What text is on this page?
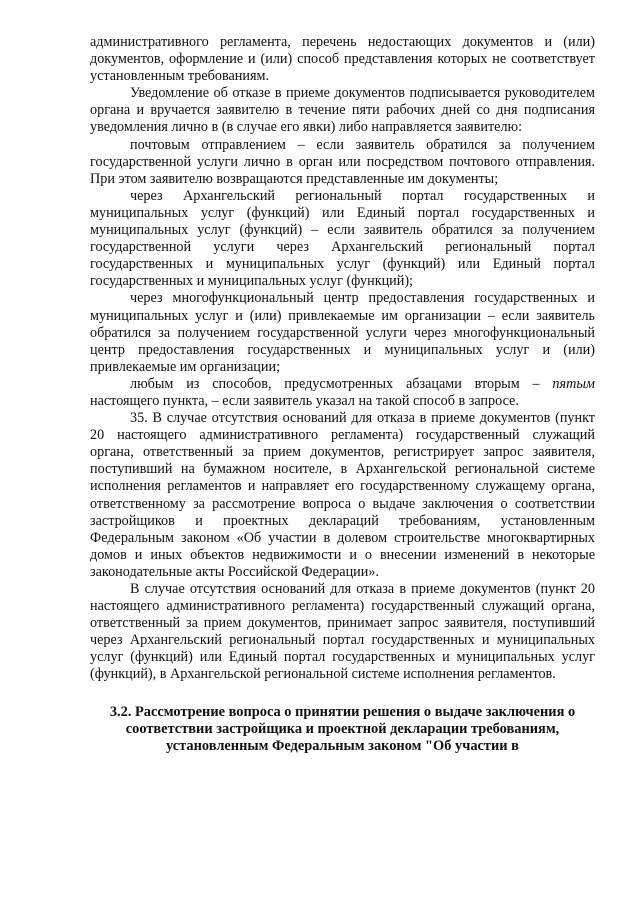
административного регламента, перечень недостающих документов и (или) документов, оформление и (или) способ представления которых не соответствует установленным требованиям.

Уведомление об отказе в приеме документов подписывается руководителем органа и вручается заявителю в течение пяти рабочих дней со дня подписания уведомления лично в (в случае его явки) либо направляется заявителю:

почтовым отправлением – если заявитель обратился за получением государственной услуги лично в орган или посредством почтового отправления. При этом заявителю возвращаются представленные им документы;

через Архангельский региональный портал государственных и муниципальных услуг (функций) или Единый портал государственных и муниципальных услуг (функций) – если заявитель обратился за получением государственной услуги через Архангельский региональный портал государственных и муниципальных услуг (функций) или Единый портал государственных и муниципальных услуг (функций);

через многофункциональный центр предоставления государственных и муниципальных услуг и (или) привлекаемые им организации – если заявитель обратился за получением государственной услуги через многофункциональный центр предоставления государственных и муниципальных услуг и (или) привлекаемые им организации;

любым из способов, предусмотренных абзацами вторым – пятым настоящего пункта, – если заявитель указал на такой способ в запросе.

35. В случае отсутствия оснований для отказа в приеме документов (пункт 20 настоящего административного регламента) государственный служащий органа, ответственный за прием документов, регистрирует запрос заявителя, поступивший на бумажном носителе, в Архангельской региональной системе исполнения регламентов и направляет его государственному служащему органа, ответственному за рассмотрение вопроса о выдаче заключения о соответствии застройщиков и проектных деклараций требованиям, установленным Федеральным законом «Об участии в долевом строительстве многоквартирных домов и иных объектов недвижимости и о внесении изменений в некоторые законодательные акты Российской Федерации».

В случае отсутствия оснований для отказа в приеме документов (пункт 20 настоящего административного регламента) государственный служащий органа, ответственный за прием документов, принимает запрос заявителя, поступивший через Архангельский региональный портал государственных и муниципальных услуг (функций) или Единый портал государственных и муниципальных услуг (функций), в Архангельской региональной системе исполнения регламентов.

3.2. Рассмотрение вопроса о принятии решения о выдаче заключения о
соответствии застройщика и проектной декларации требованиям,
установленным Федеральным законом "Об участии в
